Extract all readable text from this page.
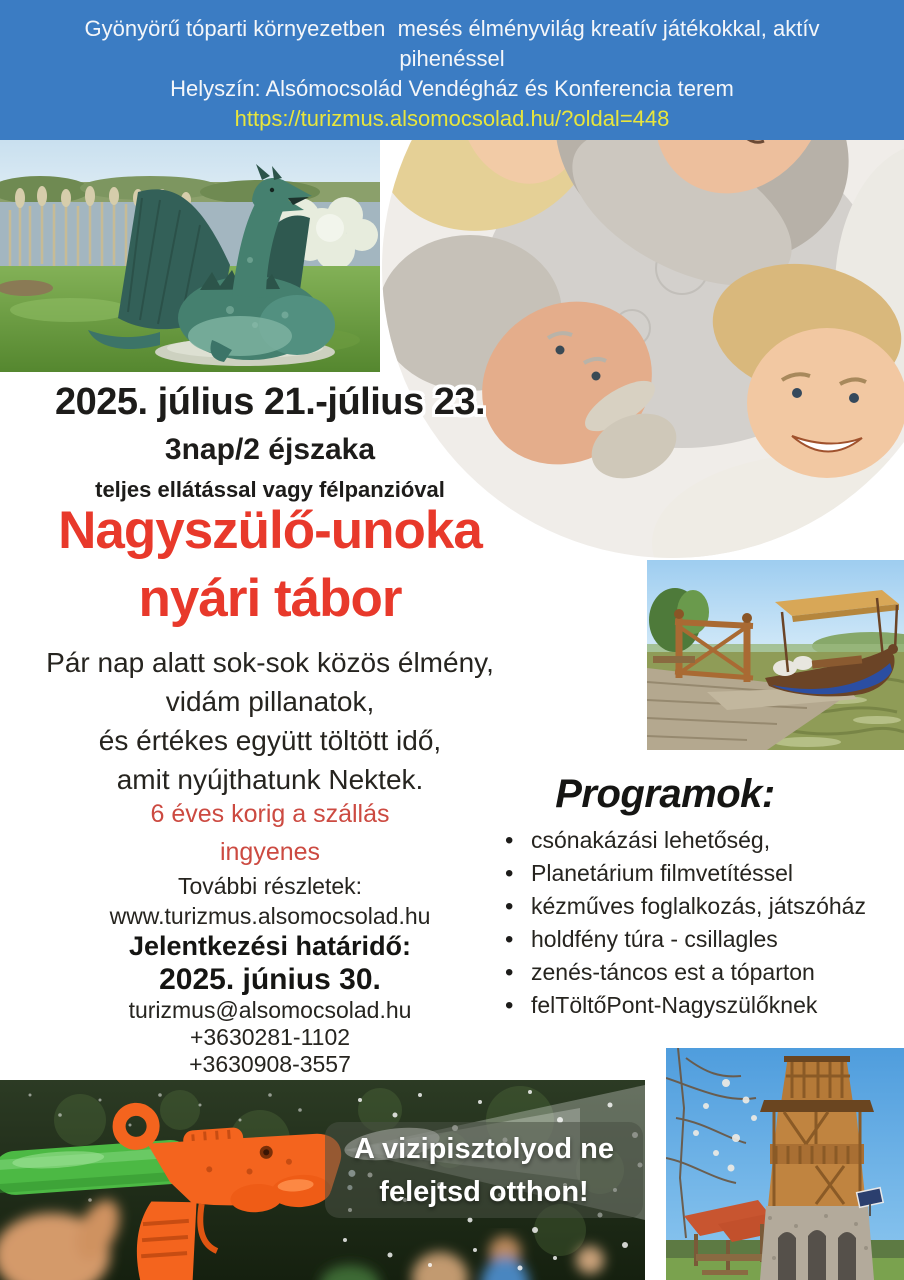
Gyönyörű tóparti környezetben  mesés élményvilág kreatív játékokkal, aktív
pihenéssel
Helyszín: Alsómocsolád Vendégház és Konferencia terem
https://turizmus.alsomocsolad.hu/?oldal=448
2025. július 21.-július 23.
3nap/2 éjszaka
teljes ellátással vagy félpanzióval
Nagyszülő-unoka
nyári tábor
Pár nap alatt sok-sok közös élmény,
vidám pillanatok,
és értékes együtt töltött idő,
amit nyújthatunk Nektek.
6 éves korig a szállás
ingyenes
További részletek:
www.turizmus.alsomocsolad.hu
Jelentkezési határidő:
2025. június 30.
turizmus@alsomocsolad.hu
+3630281-1102
+3630908-3557
Programok:
• csónakázási lehetőség,
• Planetárium filmvetítéssel
• kézműves foglalkozás, játszóház
• holdfény túra - csillagles
• zenés-táncos est a tóparton
• felTöltőPont-Nagyszülőknek
A vizipisztolyod ne
felejtsd otthon!
